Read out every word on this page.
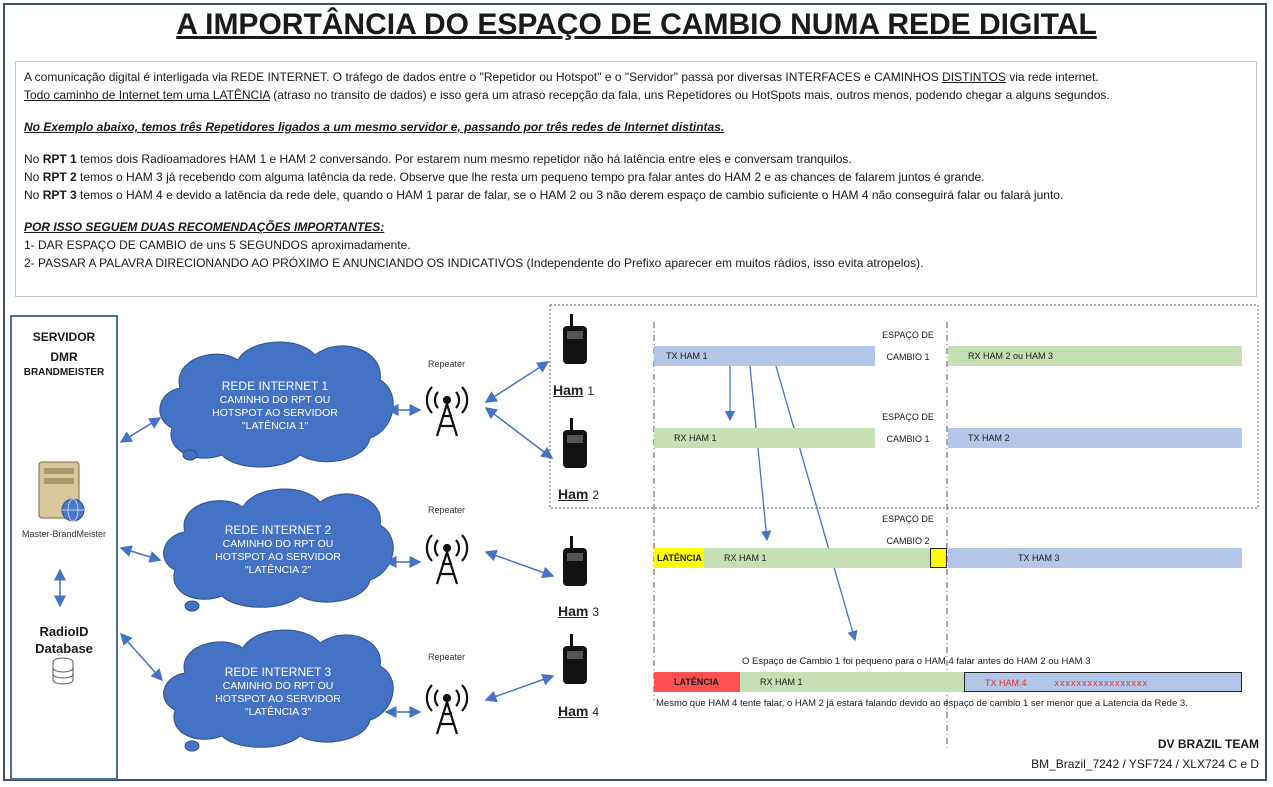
A IMPORTÂNCIA DO ESPAÇO DE CAMBIO NUMA REDE DIGITAL

A comunicação digital é interligada via REDE INTERNET. O tráfego de dados entre o "Repetidor ou Hotspot" e o "Servidor" passa por diversas INTERFACES e CAMINHOS DISTINTOS via rede internet.

Todo caminho de Internet tem uma LATÊNCIA (atraso no transito de dados) e isso gera um atraso recepção da fala, uns Repetidores ou HotSpots mais, outros menos, podendo chegar a alguns segundos.

No Exemplo abaixo, temos três Repetidores ligados a um mesmo servidor e, passando por três redes de Internet distintas.

No RPT 1 temos dois Radioamadores HAM 1 e HAM 2 conversando. Por estarem num mesmo repetidor não há latência entre eles e conversam tranquilos.

No RPT 2 temos o HAM 3 já recebendo com alguma latência da rede. Observe que lhe resta um pequeno tempo pra falar antes do HAM 2 e as chances de falarem juntos é grande.

No RPT 3 temos o HAM 4 e devido a latência da rede dele, quando o HAM 1 parar de falar, se o HAM 2 ou 3 não derem espaço de cambio suficiente o HAM 4 não conseguirá falar ou falará junto.

POR ISSO SEGUEM DUAS RECOMENDAÇÕES IMPORTANTES:

1- DAR ESPAÇO DE CAMBIO de uns 5 SEGUNDOS aproximadamente.

2- PASSAR A PALAVRA DIRECIONANDO AO PRÓXIMO E ANUNCIANDO OS INDICATIVOS (Independente do Prefixo aparecer em muitos rádios, isso evita atropelos).

SERVIDOR
DMR
BRANDMEISTER
Master-BrandMeister
RadioID
Database
REDE INTERNET 1
CAMINHO DO RPT OU
HOTSPOT AO SERVIDOR
"LATÊNCIA 1"
REDE INTERNET 2
CAMINHO DO RPT OU
HOTSPOT AO SERVIDOR
"LATÊNCIA 2"
REDE INTERNET 3
CAMINHO DO RPT OU
HOTSPOT AO SERVIDOR
"LATÊNCIA 3"
Repeater
Repeater
Repeater
Ham 1
Ham 2
Ham 3
Ham 4
ESPAÇO DE
CAMBIO 1
TX HAM 1	RX HAM 2 ou HAM 3
ESPAÇO DE
CAMBIO 1
RX HAM 1	TX HAM 2
ESPAÇO DE
CAMBIO 2
LATÊNCIA	RX HAM 1	TX HAM 3
O Espaço de Cambio 1 foi pequeno para o HAM 4 falar antes do HAM 2 ou HAM 3
LATÊNCIA	RX HAM 1	TX HAM 4	xxxxxxxxxxxxxxxxx
Mesmo que HAM 4 tente falar, o HAM 2 já estará falando devido ao espaço de cambio 1 ser menor que a Latencia da Rede 3.
DV BRAZIL TEAM
BM_Brazil_7242 / YSF724 / XLX724 C e D
